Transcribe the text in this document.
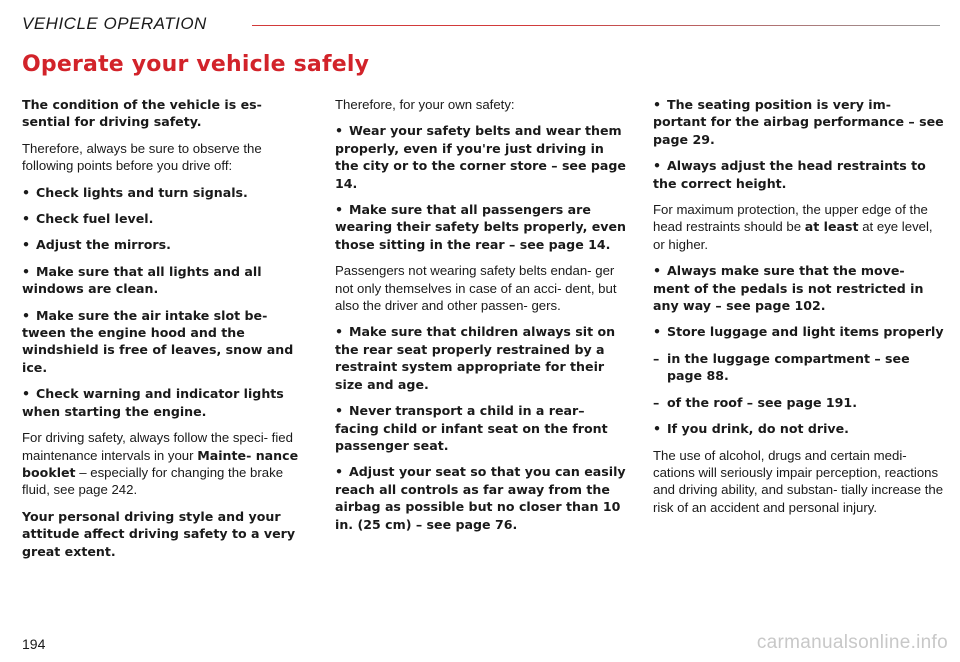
VEHICLE OPERATION
Operate your vehicle safely

The condition of the vehicle is es- sential for driving safety.

Therefore, always be sure to observe the following points before you drive off:

• Check lights and turn signals.

• Check fuel level.

• Adjust the mirrors.

• Make sure that all lights and all windows are clean.

• Make sure the air intake slot be- tween the engine hood and the windshield is free of leaves, snow and ice.

• Check warning and indicator lights when starting the engine.

For driving safety, always follow the speci- fied maintenance intervals in your Mainte- nance booklet – especially for changing the brake fluid, see page 242.

Your personal driving style and your attitude affect driving safety to a very great extent.

Therefore, for your own safety:

• Wear your safety belts and wear them properly, even if you're just driving in the city or to the corner store – see page 14.

• Make sure that all passengers are wearing their safety belts properly, even those sitting in the rear – see page 14.

Passengers not wearing safety belts endan- ger not only themselves in case of an acci- dent, but also the driver and other passen- gers.

• Make sure that children always sit on the rear seat properly restrained by a restraint system appropriate for their size and age.

• Never transport a child in a rear– facing child or infant seat on the front passenger seat.

• Adjust your seat so that you can easily reach all controls as far away from the airbag as possible but no closer than 10 in. (25 cm) – see page 76.

• The seating position is very im- portant for the airbag performance – see page 29.

• Always adjust the head restraints to the correct height.

For maximum protection, the upper edge of the head restraints should be at least at eye level, or higher.

• Always make sure that the move- ment of the pedals is not restricted in any way – see page 102.

• Store luggage and light items properly

– in the luggage compartment – see page 88.

– of the roof – see page 191.

• If you drink, do not drive.

The use of alcohol, drugs and certain medi- cations will seriously impair perception, reactions and driving ability, and substan- tially increase the risk of an accident and personal injury.

194	carmanualsonline.info
